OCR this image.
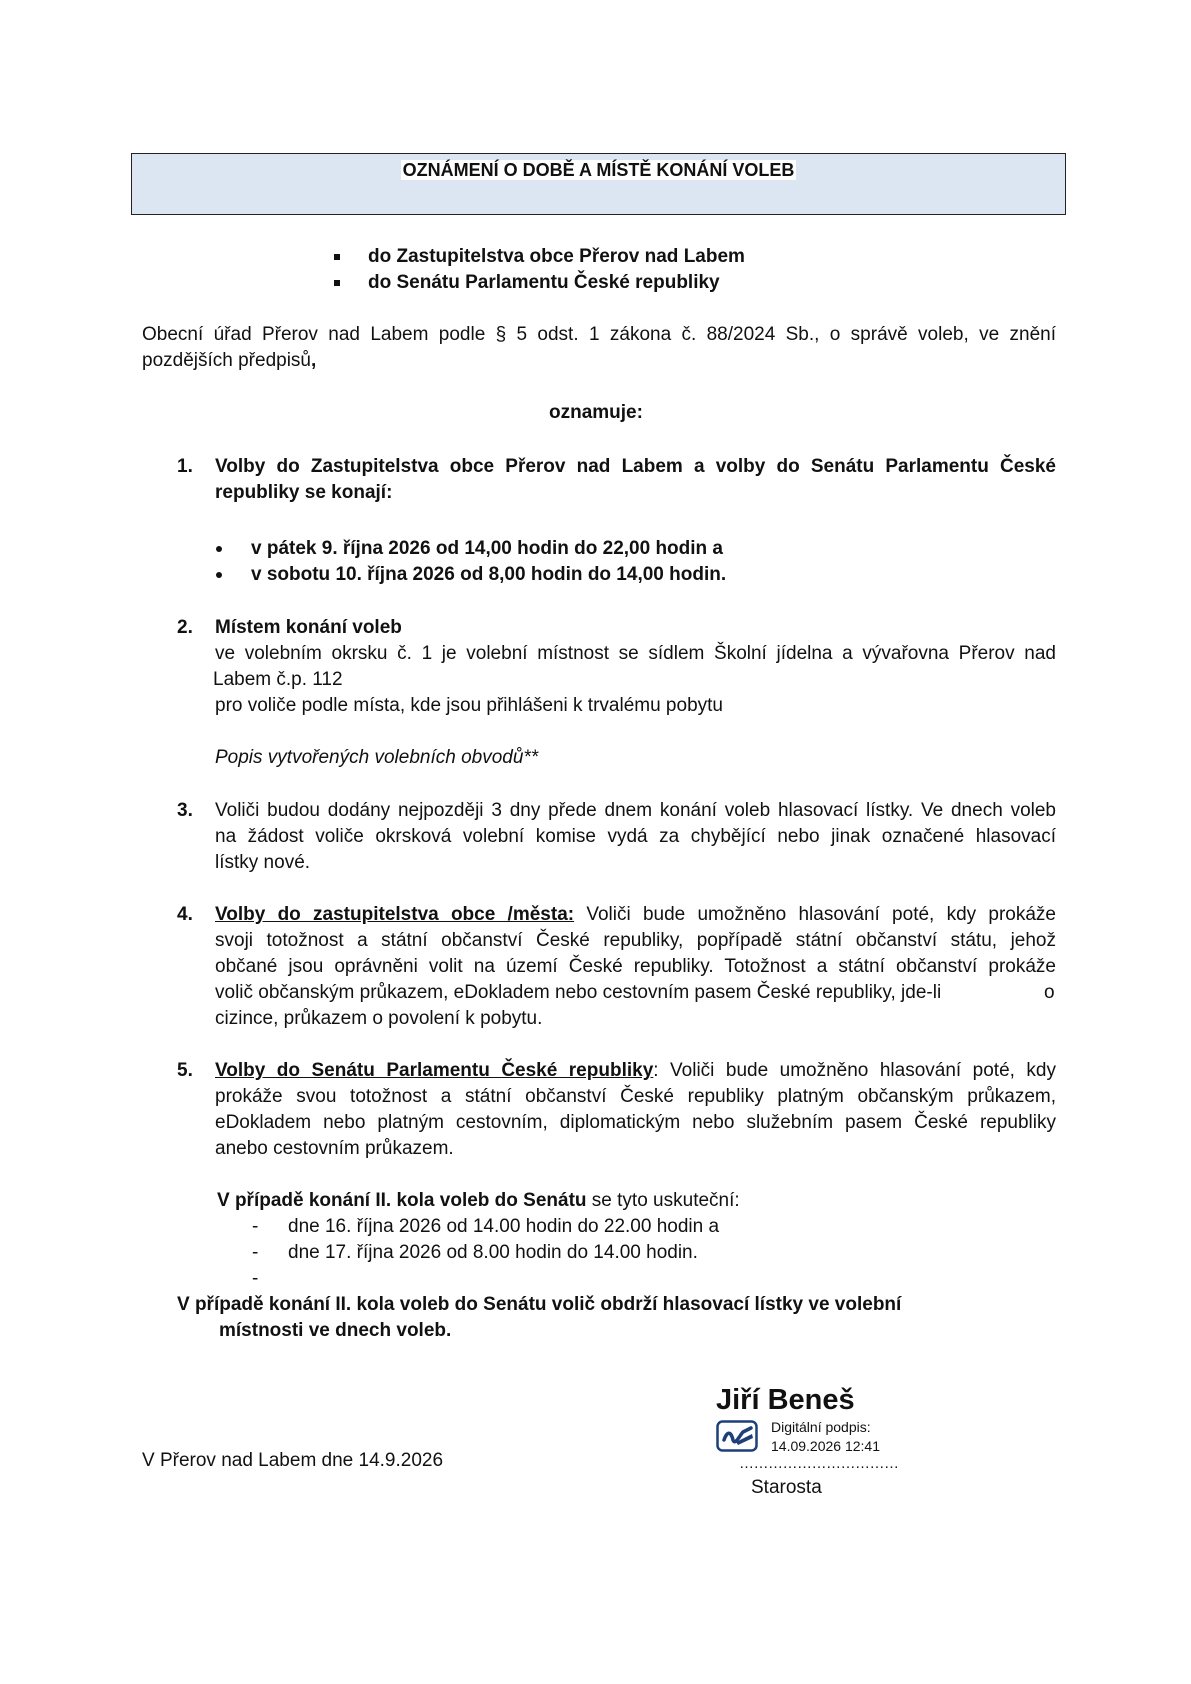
OZNÁMENÍ O DOBĚ A MÍSTĚ KONÁNÍ VOLEB
do Zastupitelstva obce Přerov nad Labem
do Senátu Parlamentu České republiky
Obecní úřad Přerov nad Labem podle § 5 odst. 1 zákona č. 88/2024 Sb., o správě voleb, ve znění
pozdějších předpisů,
oznamuje:
1. Volby do Zastupitelstva obce Přerov nad Labem a volby do Senátu Parlamentu České
republiky se konají:
v pátek 9. října 2026 od 14,00 hodin do 22,00 hodin a
v sobotu 10. října 2026 od 8,00 hodin do 14,00 hodin.
2. Místem konání voleb
ve volebním okrsku č. 1 je volební místnost se sídlem Školní jídelna a vývařovna Přerov nad
Labem č.p. 112
pro voliče podle místa, kde jsou přihlášeni k trvalému pobytu
Popis vytvořených volebních obvodů**
3. Voliči budou dodány nejpozději 3 dny přede dnem konání voleb hlasovací lístky. Ve dnech voleb
na žádost voliče okrsková volební komise vydá za chybějící nebo jinak označené hlasovací
lístky nové.
4. Volby do zastupitelstva obce /města: Voliči bude umožněno hlasování poté, kdy prokáže
svoji totožnost a státní občanství České republiky, popřípadě státní občanství státu, jehož
občané jsou oprávněni volit na území České republiky. Totožnost a státní občanství prokáže
volič občanským průkazem, eDokladem nebo cestovním pasem České republiky, jde-li	o
cizince, průkazem o povolení k pobytu.
5. Volby do Senátu Parlamentu České republiky: Voliči bude umožněno hlasování poté, kdy
prokáže svou totožnost a státní občanství České republiky platným občanským průkazem,
eDokladem nebo platným cestovním, diplomatickým nebo služebním pasem České republiky
anebo cestovním průkazem.
V případě konání II. kola voleb do Senátu se tyto uskuteční:
- dne 16. října 2026 od 14.00 hodin do 22.00 hodin a
- dne 17. října 2026 od 8.00 hodin do 14.00 hodin.
-
V případě konání II. kola voleb do Senátu volič obdrží hlasovací lístky ve volební
místnosti ve dnech voleb.
V Přerov nad Labem dne 14.9.2026
Jiří Beneš
Digitální podpis:
14.09.2026 12:41
……………………………
Starosta
